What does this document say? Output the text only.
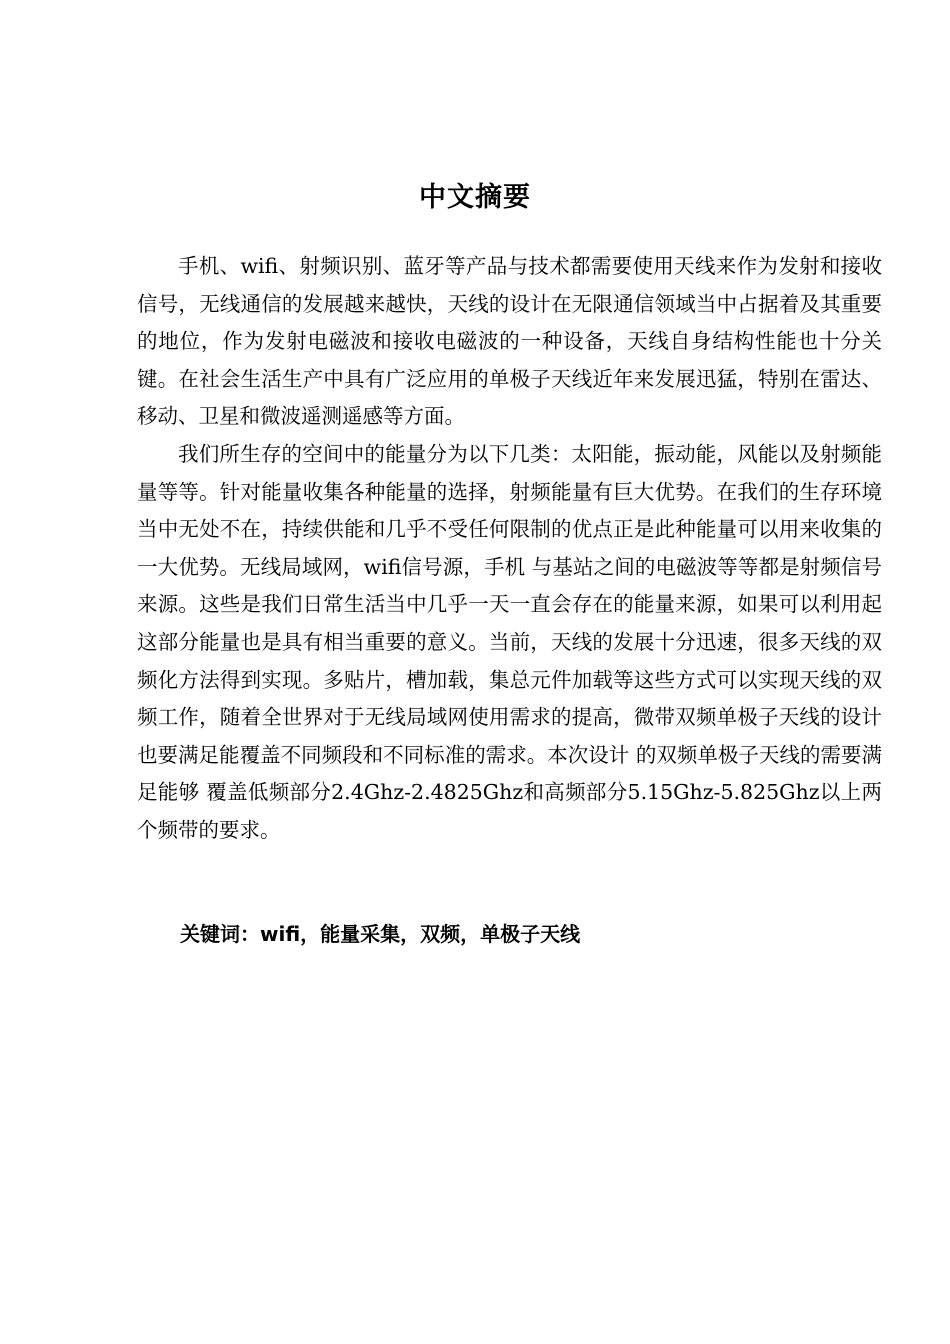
中文摘要

手机、wifi、射频识别、蓝牙等产品与技术都需要使用天线来作为发射和接收信号，无线通信的发展越来越快，天线的设计在无限通信领域当中占据着及其重要的地位，作为发射电磁波和接收电磁波的一种设备，天线自身结构性能也十分关键。在社会生活生产中具有广泛应用的单极子天线近年来发展迅猛，特别在雷达、移动、卫星和微波遥测遥感等方面。

我们所生存的空间中的能量分为以下几类：太阳能，振动能，风能以及射频能量等等。针对能量收集各种能量的选择，射频能量有巨大优势。在我们的生存环境当中无处不在，持续供能和几乎不受任何限制的优点正是此种能量可以用来收集的一大优势。无线局域网，wifi信号源，手机 与基站之间的电磁波等等都是射频信号来源。这些是我们日常生活当中几乎一天一直会存在的能量来源，如果可以利用起这部分能量也是具有相当重要的意义。当前，天线的发展十分迅速，很多天线的双频化方法得到实现。多贴片，槽加载，集总元件加载等这些方式可以实现天线的双频工作，随着全世界对于无线局域网使用需求的提高，微带双频单极子天线的设计也要满足能覆盖不同频段和不同标准的需求。本次设计 的双频单极子天线的需要满足能够 覆盖低频部分2.4Ghz-2.4825Ghz和高频部分5.15Ghz-5.825Ghz以上两个频带的要求。

关键词：wifi，能量采集，双频，单极子天线
